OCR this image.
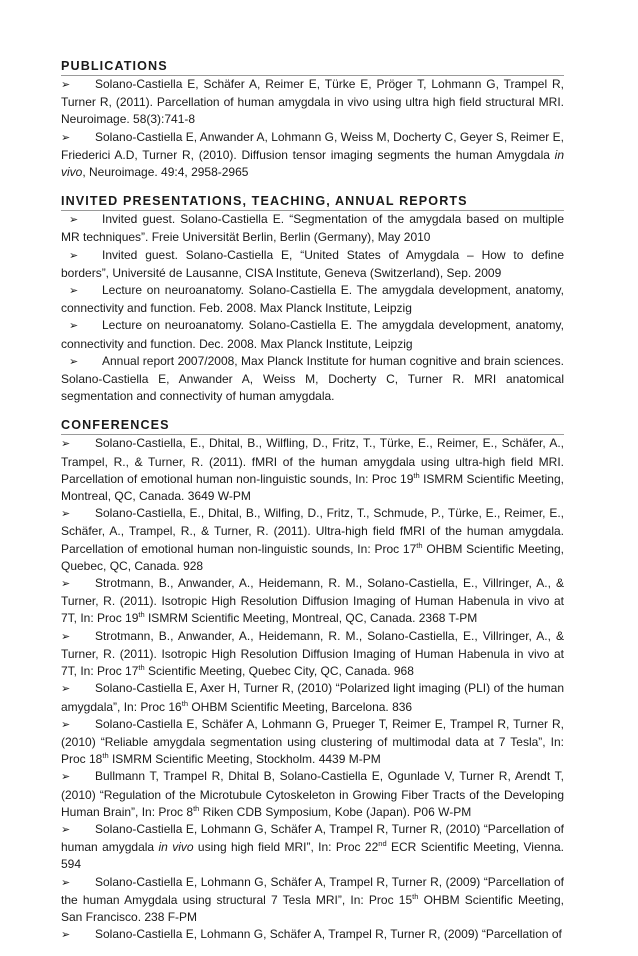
PUBLICATIONS

➢ Solano-Castiella E, Schäfer A, Reimer E, Türke E, Pröger T, Lohmann G, Trampel R, Turner R, (2011). Parcellation of human amygdala in vivo using ultra high field structural MRI. Neuroimage. 58(3):741-8

➢ Solano-Castiella E, Anwander A, Lohmann G, Weiss M, Docherty C, Geyer S, Reimer E, Friederici A.D, Turner R, (2010). Diffusion tensor imaging segments the human Amygdala in vivo, Neuroimage. 49:4, 2958-2965

INVITED PRESENTATIONS, TEACHING, ANNUAL REPORTS

➢ Invited guest. Solano-Castiella E. “Segmentation of the amygdala based on multiple MR techniques”. Freie Universität Berlin, Berlin (Germany), May 2010

➢ Invited guest. Solano-Castiella E, “United States of Amygdala – How to define borders”, Université de Lausanne, CISA Institute, Geneva (Switzerland), Sep. 2009

➢ Lecture on neuroanatomy. Solano-Castiella E. The amygdala development, anatomy, connectivity and function. Feb. 2008. Max Planck Institute, Leipzig

➢ Lecture on neuroanatomy. Solano-Castiella E. The amygdala development, anatomy, connectivity and function. Dec. 2008. Max Planck Institute, Leipzig

➢ Annual report 2007/2008, Max Planck Institute for human cognitive and brain sciences. Solano-Castiella E, Anwander A, Weiss M, Docherty C, Turner R. MRI anatomical segmentation and connectivity of human amygdala.

CONFERENCES

➢ Solano-Castiella, E., Dhital, B., Wilfling, D., Fritz, T., Türke, E., Reimer, E., Schäfer, A., Trampel, R., & Turner, R. (2011). fMRI of the human amygdala using ultra-high field MRI. Parcellation of emotional human non-linguistic sounds, In: Proc 19th ISMRM Scientific Meeting, Montreal, QC, Canada. 3649 W-PM

➢ Solano-Castiella, E., Dhital, B., Wilfing, D., Fritz, T., Schmude, P., Türke, E., Reimer, E., Schäfer, A., Trampel, R., & Turner, R. (2011). Ultra-high field fMRI of the human amygdala. Parcellation of emotional human non-linguistic sounds, In: Proc 17th OHBM Scientific Meeting, Quebec, QC, Canada. 928

➢ Strotmann, B., Anwander, A., Heidemann, R. M., Solano-Castiella, E., Villringer, A., & Turner, R. (2011). Isotropic High Resolution Diffusion Imaging of Human Habenula in vivo at 7T, In: Proc 19th ISMRM Scientific Meeting, Montreal, QC, Canada. 2368 T-PM

➢ Strotmann, B., Anwander, A., Heidemann, R. M., Solano-Castiella, E., Villringer, A., & Turner, R. (2011). Isotropic High Resolution Diffusion Imaging of Human Habenula in vivo at 7T, In: Proc 17th Scientific Meeting, Quebec City, QC, Canada. 968

➢ Solano-Castiella E, Axer H, Turner R, (2010) “Polarized light imaging (PLI) of the human amygdala”, In: Proc 16th OHBM Scientific Meeting, Barcelona. 836

➢ Solano-Castiella E, Schäfer A, Lohmann G, Prueger T, Reimer E, Trampel R, Turner R, (2010) “Reliable amygdala segmentation using clustering of multimodal data at 7 Tesla”, In: Proc 18th ISMRM Scientific Meeting, Stockholm. 4439 M-PM

➢ Bullmann T, Trampel R, Dhital B, Solano-Castiella E, Ogunlade V, Turner R, Arendt T, (2010) “Regulation of the Microtubule Cytoskeleton in Growing Fiber Tracts of the Developing Human Brain”, In: Proc 8th Riken CDB Symposium, Kobe (Japan). P06 W-PM

➢ Solano-Castiella E, Lohmann G, Schäfer A, Trampel R, Turner R, (2010) “Parcellation of human amygdala in vivo using high field MRI”, In: Proc 22nd ECR Scientific Meeting, Vienna. 594

➢ Solano-Castiella E, Lohmann G, Schäfer A, Trampel R, Turner R, (2009) “Parcellation of the human Amygdala using structural 7 Tesla MRI”, In: Proc 15th OHBM Scientific Meeting, San Francisco. 238 F-PM

➢ Solano-Castiella E, Lohmann G, Schäfer A, Trampel R, Turner R, (2009) “Parcellation of
